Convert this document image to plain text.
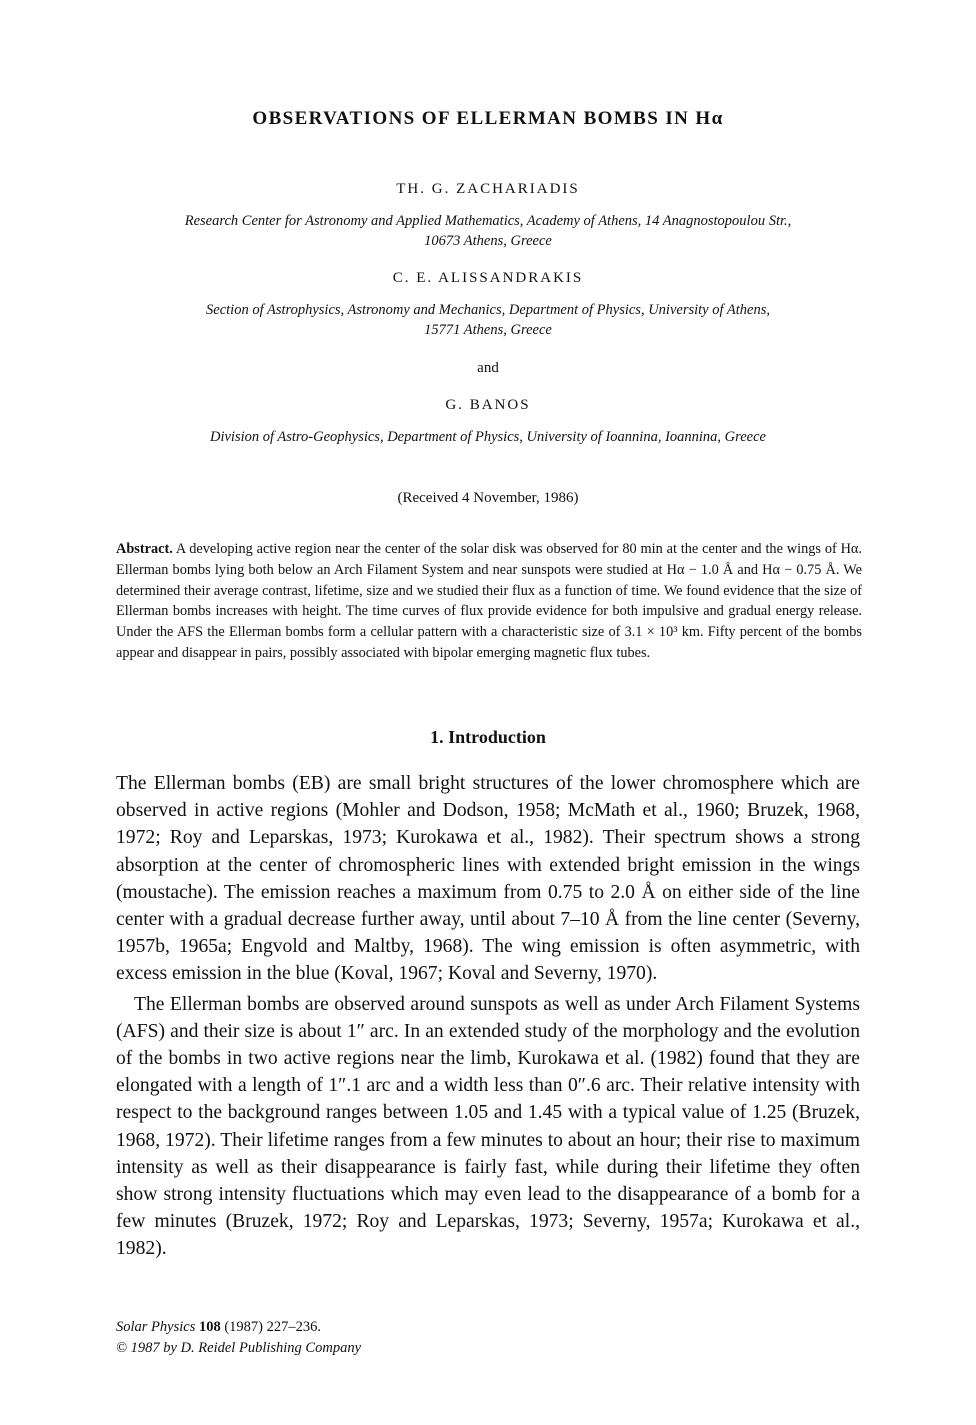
OBSERVATIONS OF ELLERMAN BOMBS IN Hα
TH. G. ZACHARIADIS
Research Center for Astronomy and Applied Mathematics, Academy of Athens, 14 Anagnostopoulou Str.,
10673 Athens, Greece
C. E. ALISSANDRAKIS
Section of Astrophysics, Astronomy and Mechanics, Department of Physics, University of Athens,
15771 Athens, Greece
and
G. BANOS
Division of Astro-Geophysics, Department of Physics, University of Ioannina, Ioannina, Greece
(Received 4 November, 1986)
Abstract. A developing active region near the center of the solar disk was observed for 80 min at the center and the wings of Hα. Ellerman bombs lying both below an Arch Filament System and near sunspots were studied at Hα − 1.0 Å and Hα − 0.75 Å. We determined their average contrast, lifetime, size and we studied their flux as a function of time. We found evidence that the size of Ellerman bombs increases with height. The time curves of flux provide evidence for both impulsive and gradual energy release. Under the AFS the Ellerman bombs form a cellular pattern with a characteristic size of 3.1 × 10³ km. Fifty percent of the bombs appear and disappear in pairs, possibly associated with bipolar emerging magnetic flux tubes.
1. Introduction

The Ellerman bombs (EB) are small bright structures of the lower chromosphere which are observed in active regions (Mohler and Dodson, 1958; McMath et al., 1960; Bruzek, 1968, 1972; Roy and Leparskas, 1973; Kurokawa et al., 1982). Their spectrum shows a strong absorption at the center of chromospheric lines with extended bright emission in the wings (moustache). The emission reaches a maximum from 0.75 to 2.0 Å on either side of the line center with a gradual decrease further away, until about 7–10 Å from the line center (Severny, 1957b, 1965a; Engvold and Maltby, 1968). The wing emission is often asymmetric, with excess emission in the blue (Koval, 1967; Koval and Severny, 1970).

The Ellerman bombs are observed around sunspots as well as under Arch Filament Systems (AFS) and their size is about 1″ arc. In an extended study of the morphology and the evolution of the bombs in two active regions near the limb, Kurokawa et al. (1982) found that they are elongated with a length of 1″.1 arc and a width less than 0″.6 arc. Their relative intensity with respect to the background ranges between 1.05 and 1.45 with a typical value of 1.25 (Bruzek, 1968, 1972). Their lifetime ranges from a few minutes to about an hour; their rise to maximum intensity as well as their disappearance is fairly fast, while during their lifetime they often show strong intensity fluctuations which may even lead to the disappearance of a bomb for a few minutes (Bruzek, 1972; Roy and Leparskas, 1973; Severny, 1957a; Kurokawa et al., 1982).

Solar Physics 108 (1987) 227–236.
© 1987 by D. Reidel Publishing Company
